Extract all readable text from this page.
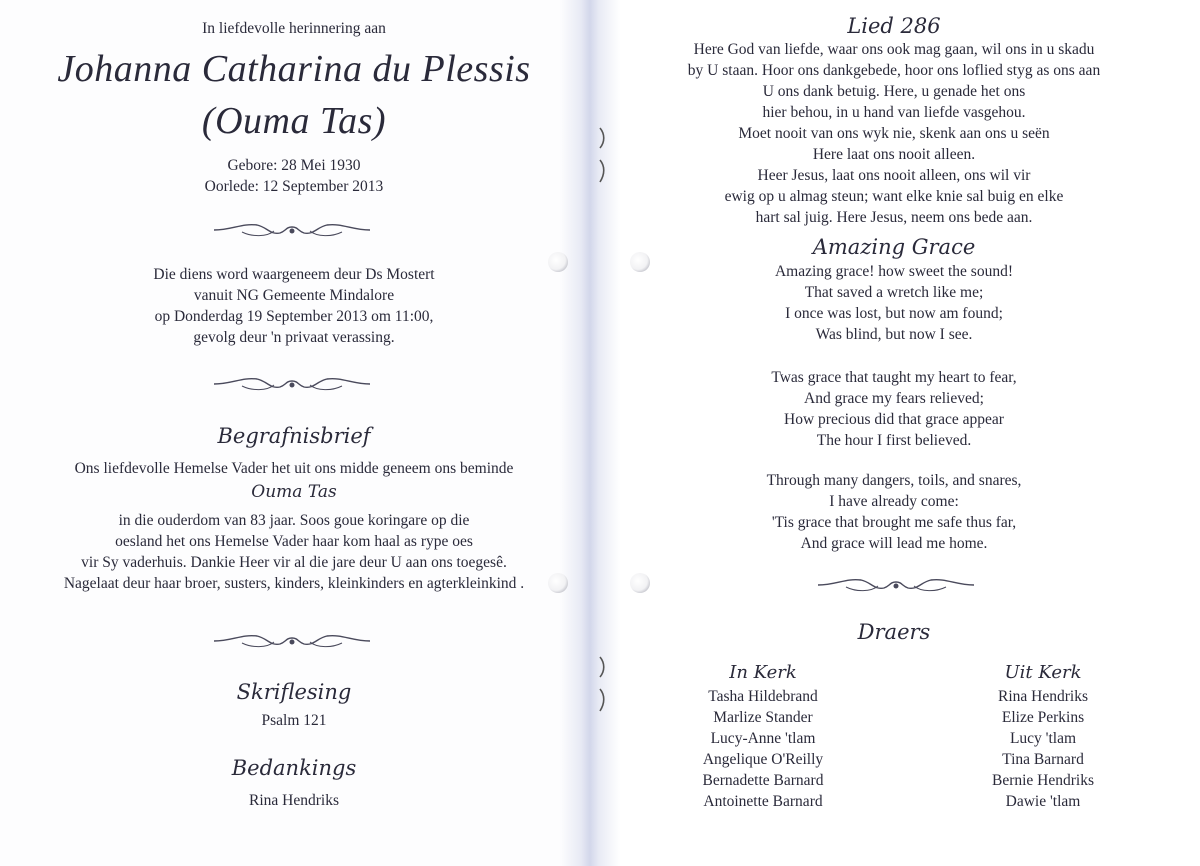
In liefdevolle herinnering aan
Johanna Catharina du Plessis
(Ouma Tas)
Gebore: 28 Mei 1930
Oorlede: 12 September 2013
Die diens word waargeneem deur Ds Mostert
vanuit NG Gemeente Mindalore
op Donderdag 19 September 2013 om 11:00,
gevolg deur 'n privaat verassing.
Begrafnisbrief
Ons liefdevolle Hemelse Vader het uit ons midde geneem ons beminde
Ouma Tas
in die ouderdom van 83 jaar. Soos goue koringare op die
oesland het ons Hemelse Vader haar kom haal as rype oes
vir Sy vaderhuis. Dankie Heer vir al die jare deur U aan ons toegesê.
Nagelaat deur haar broer, susters, kinders, kleinkinders en agterkleinkind .
Skriflesing
Psalm 121
Bedankings
Rina Hendriks
Lied 286
Here God van liefde, waar ons ook mag gaan, wil ons in u skadu
by U staan. Hoor ons dankgebede, hoor ons loflied styg as ons aan
U ons dank betuig. Here, u genade het ons
hier behou, in u hand van liefde vasgehou.
Moet nooit van ons wyk nie, skenk aan ons u seën
Here laat ons nooit alleen.
Heer Jesus, laat ons nooit alleen, ons wil vir
ewig op u almag steun; want elke knie sal buig en elke
hart sal juig. Here Jesus, neem ons bede aan.
Amazing Grace
Amazing grace! how sweet the sound!
That saved a wretch like me;
I once was lost, but now am found;
Was blind, but now I see.
Twas grace that taught my heart to fear,
And grace my fears relieved;
How precious did that grace appear
The hour I first believed.
Through many dangers, toils, and snares,
I have already come:
'Tis grace that brought me safe thus far,
And grace will lead me home.
Draers
In Kerk
Tasha Hildebrand
Marlize Stander
Lucy-Anne 'tlam
Angelique O'Reilly
Bernadette Barnard
Antoinette Barnard
Uit Kerk
Rina Hendriks
Elize Perkins
Lucy 'tlam
Tina Barnard
Bernie Hendriks
Dawie 'tlam
